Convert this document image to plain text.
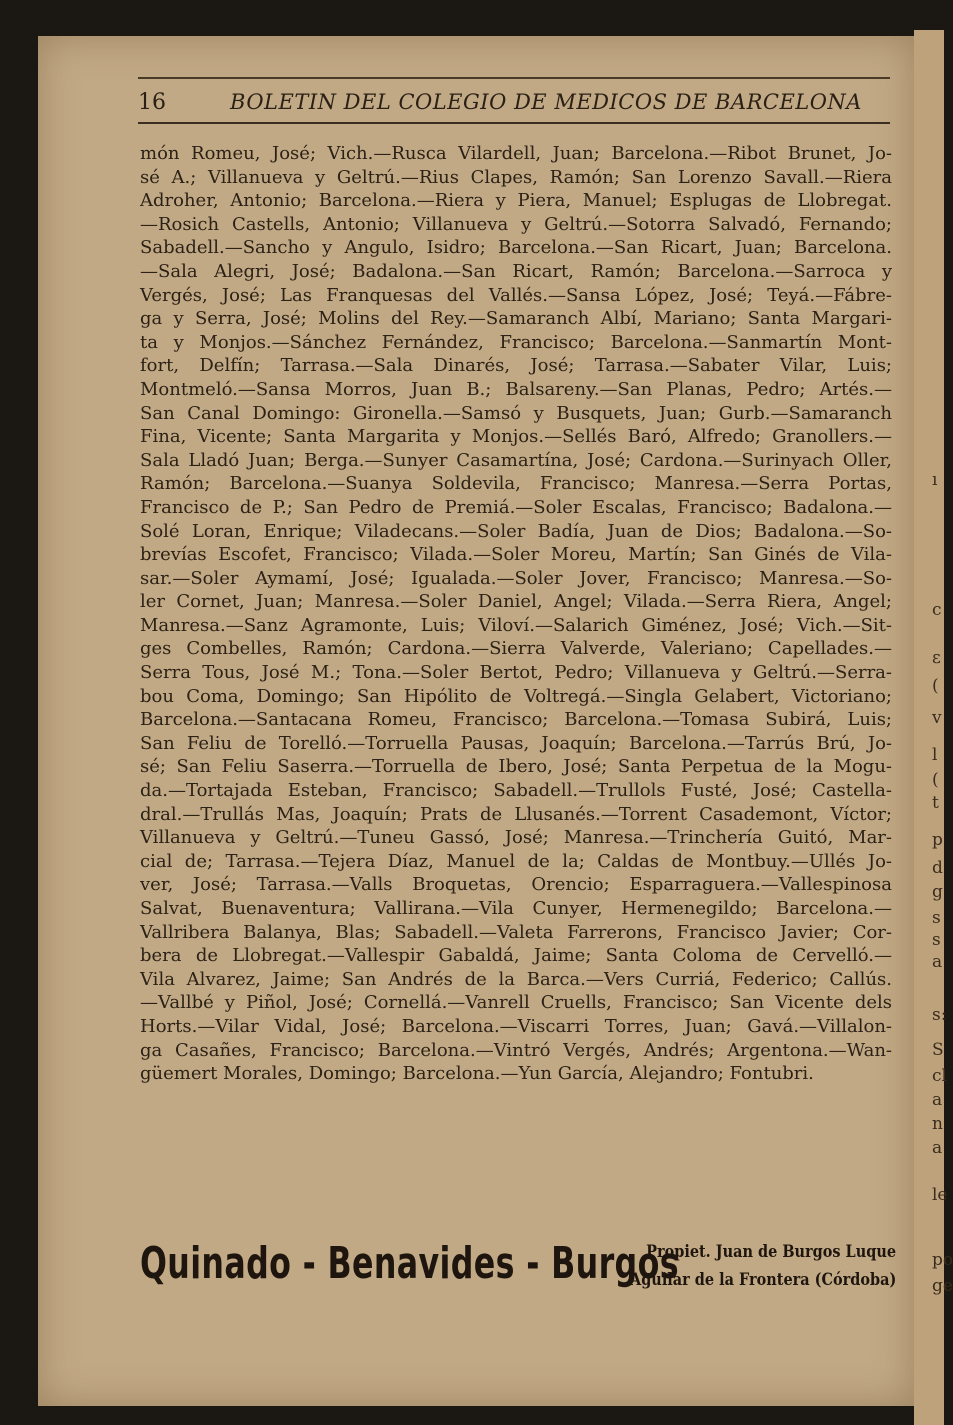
ı
c
ε
(
v
l
(
t
p
d
g
s
s
a
s:
S
cl
a
n
a
le
po
ge
16	BOLETIN DEL COLEGIO DE MEDICOS DE BARCELONA
món Romeu, José; Vich.—Rusca Vilardell, Juan; Barcelona.—Ribot Brunet, Jo-
sé A.; Villanueva y Geltrú.—Rius Clapes, Ramón; San Lorenzo Savall.—Riera
Adroher, Antonio; Barcelona.—Riera y Piera, Manuel; Esplugas de Llobregat.
—Rosich Castells, Antonio; Villanueva y Geltrú.—Sotorra Salvadó, Fernando;
Sabadell.—Sancho y Angulo, Isidro; Barcelona.—San Ricart, Juan; Barcelona.
—Sala Alegri, José; Badalona.—San Ricart, Ramón; Barcelona.—Sarroca y
Vergés, José; Las Franquesas del Vallés.—Sansa López, José; Teyá.—Fábre-
ga y Serra, José; Molins del Rey.—Samaranch Albí, Mariano; Santa Margari-
ta y Monjos.—Sánchez Fernández, Francisco; Barcelona.—Sanmartín Mont-
fort, Delfín; Tarrasa.—Sala Dinarés, José; Tarrasa.—Sabater Vilar, Luis;
Montmeló.—Sansa Morros, Juan B.; Balsareny.—San Planas, Pedro; Artés.—
San Canal Domingo: Gironella.—Samsó y Busquets, Juan; Gurb.—Samaranch
Fina, Vicente; Santa Margarita y Monjos.—Sellés Baró, Alfredo; Granollers.—
Sala Lladó Juan; Berga.—Sunyer Casamartína, José; Cardona.—Surinyach Oller,
Ramón; Barcelona.—Suanya Soldevila, Francisco; Manresa.—Serra Portas,
Francisco de P.; San Pedro de Premiá.—Soler Escalas, Francisco; Badalona.—
Solé Loran, Enrique; Viladecans.—Soler Badía, Juan de Dios; Badalona.—So-
brevías Escofet, Francisco; Vilada.—Soler Moreu, Martín; San Ginés de Vila-
sar.—Soler Aymamí, José; Igualada.—Soler Jover, Francisco; Manresa.—So-
ler Cornet, Juan; Manresa.—Soler Daniel, Angel; Vilada.—Serra Riera, Angel;
Manresa.—Sanz Agramonte, Luis; Viloví.—Salarich Giménez, José; Vich.—Sit-
ges Combelles, Ramón; Cardona.—Sierra Valverde, Valeriano; Capellades.—
Serra Tous, José M.; Tona.—Soler Bertot, Pedro; Villanueva y Geltrú.—Serra-
bou Coma, Domingo; San Hipólito de Voltregá.—Singla Gelabert, Victoriano;
Barcelona.—Santacana Romeu, Francisco; Barcelona.—Tomasa Subirá, Luis;
San Feliu de Torelló.—Torruella Pausas, Joaquín; Barcelona.—Tarrús Brú, Jo-
sé; San Feliu Saserra.—Torruella de Ibero, José; Santa Perpetua de la Mogu-
da.—Tortajada Esteban, Francisco; Sabadell.—Trullols Fusté, José; Castella-
dral.—Trullás Mas, Joaquín; Prats de Llusanés.—Torrent Casademont, Víctor;
Villanueva y Geltrú.—Tuneu Gassó, José; Manresa.—Trinchería Guitó, Mar-
cial de; Tarrasa.—Tejera Díaz, Manuel de la; Caldas de Montbuy.—Ullés Jo-
ver, José; Tarrasa.—Valls Broquetas, Orencio; Esparraguera.—Vallespinosa
Salvat, Buenaventura; Vallirana.—Vila Cunyer, Hermenegildo; Barcelona.—
Vallribera Balanya, Blas; Sabadell.—Valeta Farrerons, Francisco Javier; Cor-
bera de Llobregat.—Vallespir Gabaldá, Jaime; Santa Coloma de Cervelló.—
Vila Alvarez, Jaime; San Andrés de la Barca.—Vers Curriá, Federico; Callús.
—Vallbé y Piñol, José; Cornellá.—Vanrell Cruells, Francisco; San Vicente dels
Horts.—Vilar Vidal, José; Barcelona.—Viscarri Torres, Juan; Gavá.—Villalon-
ga Casañes, Francisco; Barcelona.—Vintró Vergés, Andrés; Argentona.—Wan-
güemert Morales, Domingo; Barcelona.—Yun García, Alejandro; Fontubri.
Quinado - Benavides - Burgos
Propiet. Juan de Burgos Luque
Aguilar de la Frontera (Córdoba)
